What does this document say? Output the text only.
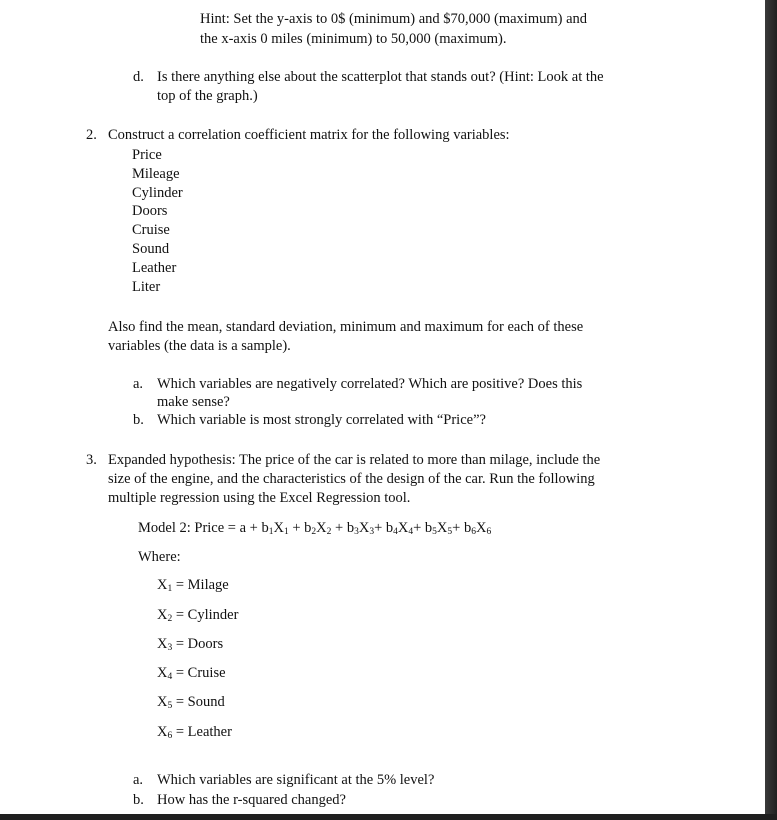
Hint: Set the y-axis to 0$ (minimum) and $70,000 (maximum) and
the x-axis 0 miles (minimum) to 50,000 (maximum).
d. Is there anything else about the scatterplot that stands out? (Hint: Look at the
top of the graph.)
2. Construct a correlation coefficient matrix for the following variables:
Price
Mileage
Cylinder
Doors
Cruise
Sound
Leather
Liter
Also find the mean, standard deviation, minimum and maximum for each of these
variables (the data is a sample).
a. Which variables are negatively correlated? Which are positive? Does this
make sense?
b. Which variable is most strongly correlated with “Price”?
3. Expanded hypothesis: The price of the car is related to more than milage, include the
size of the engine, and the characteristics of the design of the car. Run the following
multiple regression using the Excel Regression tool.
Model 2: Price = $a + b_1X_1 + b_2X_2 + b_3X_3+ b_4X_4+ b_5X_5+ b_6X_6$
Where:
$X_1$ = Milage
$X_2$ = Cylinder
$X_3$ = Doors
$X_4$ = Cruise
$X_5$ = Sound
$X_6$ = Leather
a. Which variables are significant at the 5% level?
b. How has the r-squared changed?
